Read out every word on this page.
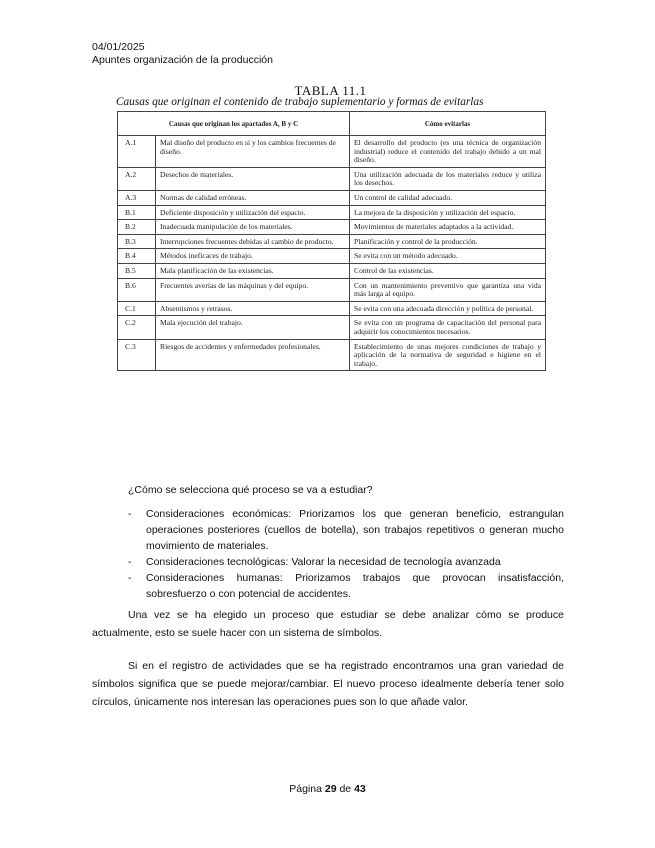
04/01/2025
Apuntes organización de la producción
TABLA 11.1
Causas que originan el contenido de trabajo suplementario y formas de evitarlas
Causas que originan los apartados A, B y C		Cómo evitarlas
A.1	Mal diseño del producto en sí y los cambios frecuentes de diseño.	El desarrollo del producto (es una técnica de organización industrial) reduce el contenido del trabajo debido a un mal diseño.
A.2	Desechos de materiales.	Una utilización adecuada de los materiales reduce y utiliza los desechos.
A.3	Normas de calidad erróneas.	Un control de calidad adecuado.
B.1	Deficiente disposición y utilización del espacio.	La mejora de la disposición y utilización del espacio.
B.2	Inadecuada manipulación de los materiales.	Movimientos de materiales adaptados a la actividad.
B.3	Interrupciones frecuentes debidas al cambio de producto.	Planificación y control de la producción.
B.4	Métodos ineficaces de trabajo.	Se evita con un método adecuado.
B.5	Mala planificación de las existencias.	Control de las existencias.
B.6	Frecuentes averías de las máquinas y del equipo.	Con un mantenimiento preventivo que garantiza una vida más larga al equipo.
C.1	Absentismos y retrasos.	Se evita con una adecuada dirección y política de personal.
C.2	Mala ejecución del trabajo.	Se evita con un programa de capacitación del personal para adquirir los conocimientos necesarios.
C.3	Riesgos de accidentes y enfermedades profesionales.	Establecimiento de unas mejores condiciones de trabajo y aplicación de la normativa de seguridad e higiene en el trabajo.
¿Cómo se selecciona qué proceso se va a estudiar?
- Consideraciones económicas: Priorizamos los que generan beneficio, estrangulan operaciones posteriores (cuellos de botella), son trabajos repetitivos o generan mucho movimiento de materiales.
- Consideraciones tecnológicas: Valorar la necesidad de tecnología avanzada
- Consideraciones humanas: Priorizamos trabajos que provocan insatisfacción, sobresfuerzo o con potencial de accidentes.

Una vez se ha elegido un proceso que estudiar se debe analizar cómo se produce actualmente, esto se suele hacer con un sistema de símbolos.

Si en el registro de actividades que se ha registrado encontramos una gran variedad de símbolos significa que se puede mejorar/cambiar. El nuevo proceso idealmente debería tener solo círculos, únicamente nos interesan las operaciones pues son lo que añade valor.

Página 29 de 43
